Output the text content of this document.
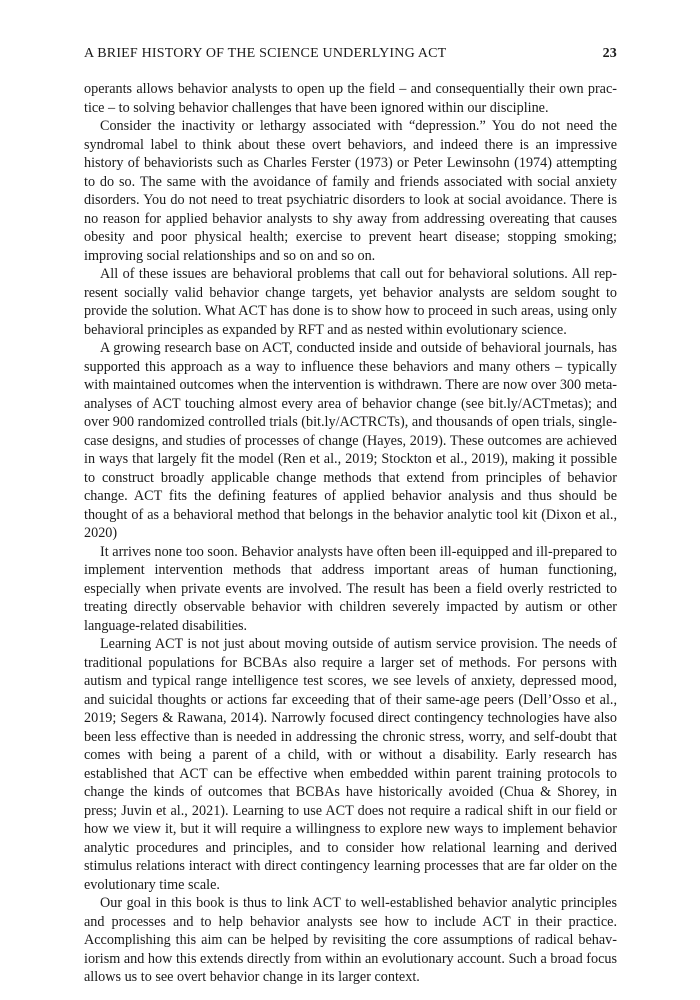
A BRIEF HISTORY OF THE SCIENCE UNDERLYING ACT	23

operants allows behavior analysts to open up the field – and consequentially their own practice – to solving behavior challenges that have been ignored within our discipline.

Consider the inactivity or lethargy associated with “depression.” You do not need the syndromal label to think about these overt behaviors, and indeed there is an impressive history of behaviorists such as Charles Ferster (1973) or Peter Lewinsohn (1974) attempting to do so. The same with the avoidance of family and friends associated with social anxiety disorders. You do not need to treat psychiatric disorders to look at social avoidance. There is no reason for applied behavior analysts to shy away from addressing overeating that causes obesity and poor physical health; exercise to prevent heart disease; stopping smoking; improving social relationships and so on and so on.

All of these issues are behavioral problems that call out for behavioral solutions. All represent socially valid behavior change targets, yet behavior analysts are seldom sought to provide the solution. What ACT has done is to show how to proceed in such areas, using only behavioral principles as expanded by RFT and as nested within evolutionary science.

A growing research base on ACT, conducted inside and outside of behavioral journals, has supported this approach as a way to influence these behaviors and many others – typically with maintained outcomes when the intervention is withdrawn. There are now over 300 meta-analyses of ACT touching almost every area of behavior change (see bit.ly/ACTmetas); and over 900 randomized controlled trials (bit.ly/ACTRCTs), and thousands of open trials, single-case designs, and studies of processes of change (Hayes, 2019). These outcomes are achieved in ways that largely fit the model (Ren et al., 2019; Stockton et al., 2019), making it possible to construct broadly applicable change methods that extend from principles of behavior change. ACT fits the defining features of applied behavior analysis and thus should be thought of as a behavioral method that belongs in the behavior analytic tool kit (Dixon et al., 2020)

It arrives none too soon. Behavior analysts have often been ill-equipped and ill-prepared to implement intervention methods that address important areas of human functioning, especially when private events are involved. The result has been a field overly restricted to treating directly observable behavior with children severely impacted by autism or other language-related disabilities.

Learning ACT is not just about moving outside of autism service provision. The needs of traditional populations for BCBAs also require a larger set of methods. For persons with autism and typical range intelligence test scores, we see levels of anxiety, depressed mood, and suicidal thoughts or actions far exceeding that of their same-age peers (Dell’Osso et al., 2019; Segers & Rawana, 2014). Narrowly focused direct contingency technologies have also been less effective than is needed in addressing the chronic stress, worry, and self-doubt that comes with being a parent of a child, with or without a disability. Early research has established that ACT can be effective when embedded within parent training protocols to change the kinds of outcomes that BCBAs have historically avoided (Chua & Shorey, in press; Juvin et al., 2021). Learning to use ACT does not require a radical shift in our field or how we view it, but it will require a willingness to explore new ways to implement behavior analytic procedures and principles, and to consider how relational learning and derived stimulus relations interact with direct contingency learning processes that are far older on the evolutionary time scale.

Our goal in this book is thus to link ACT to well-established behavior analytic principles and processes and to help behavior analysts see how to include ACT in their practice. Accomplishing this aim can be helped by revisiting the core assumptions of radical behaviorism and how this extends directly from within an evolutionary account. Such a broad focus allows us to see overt behavior change in its larger context.
